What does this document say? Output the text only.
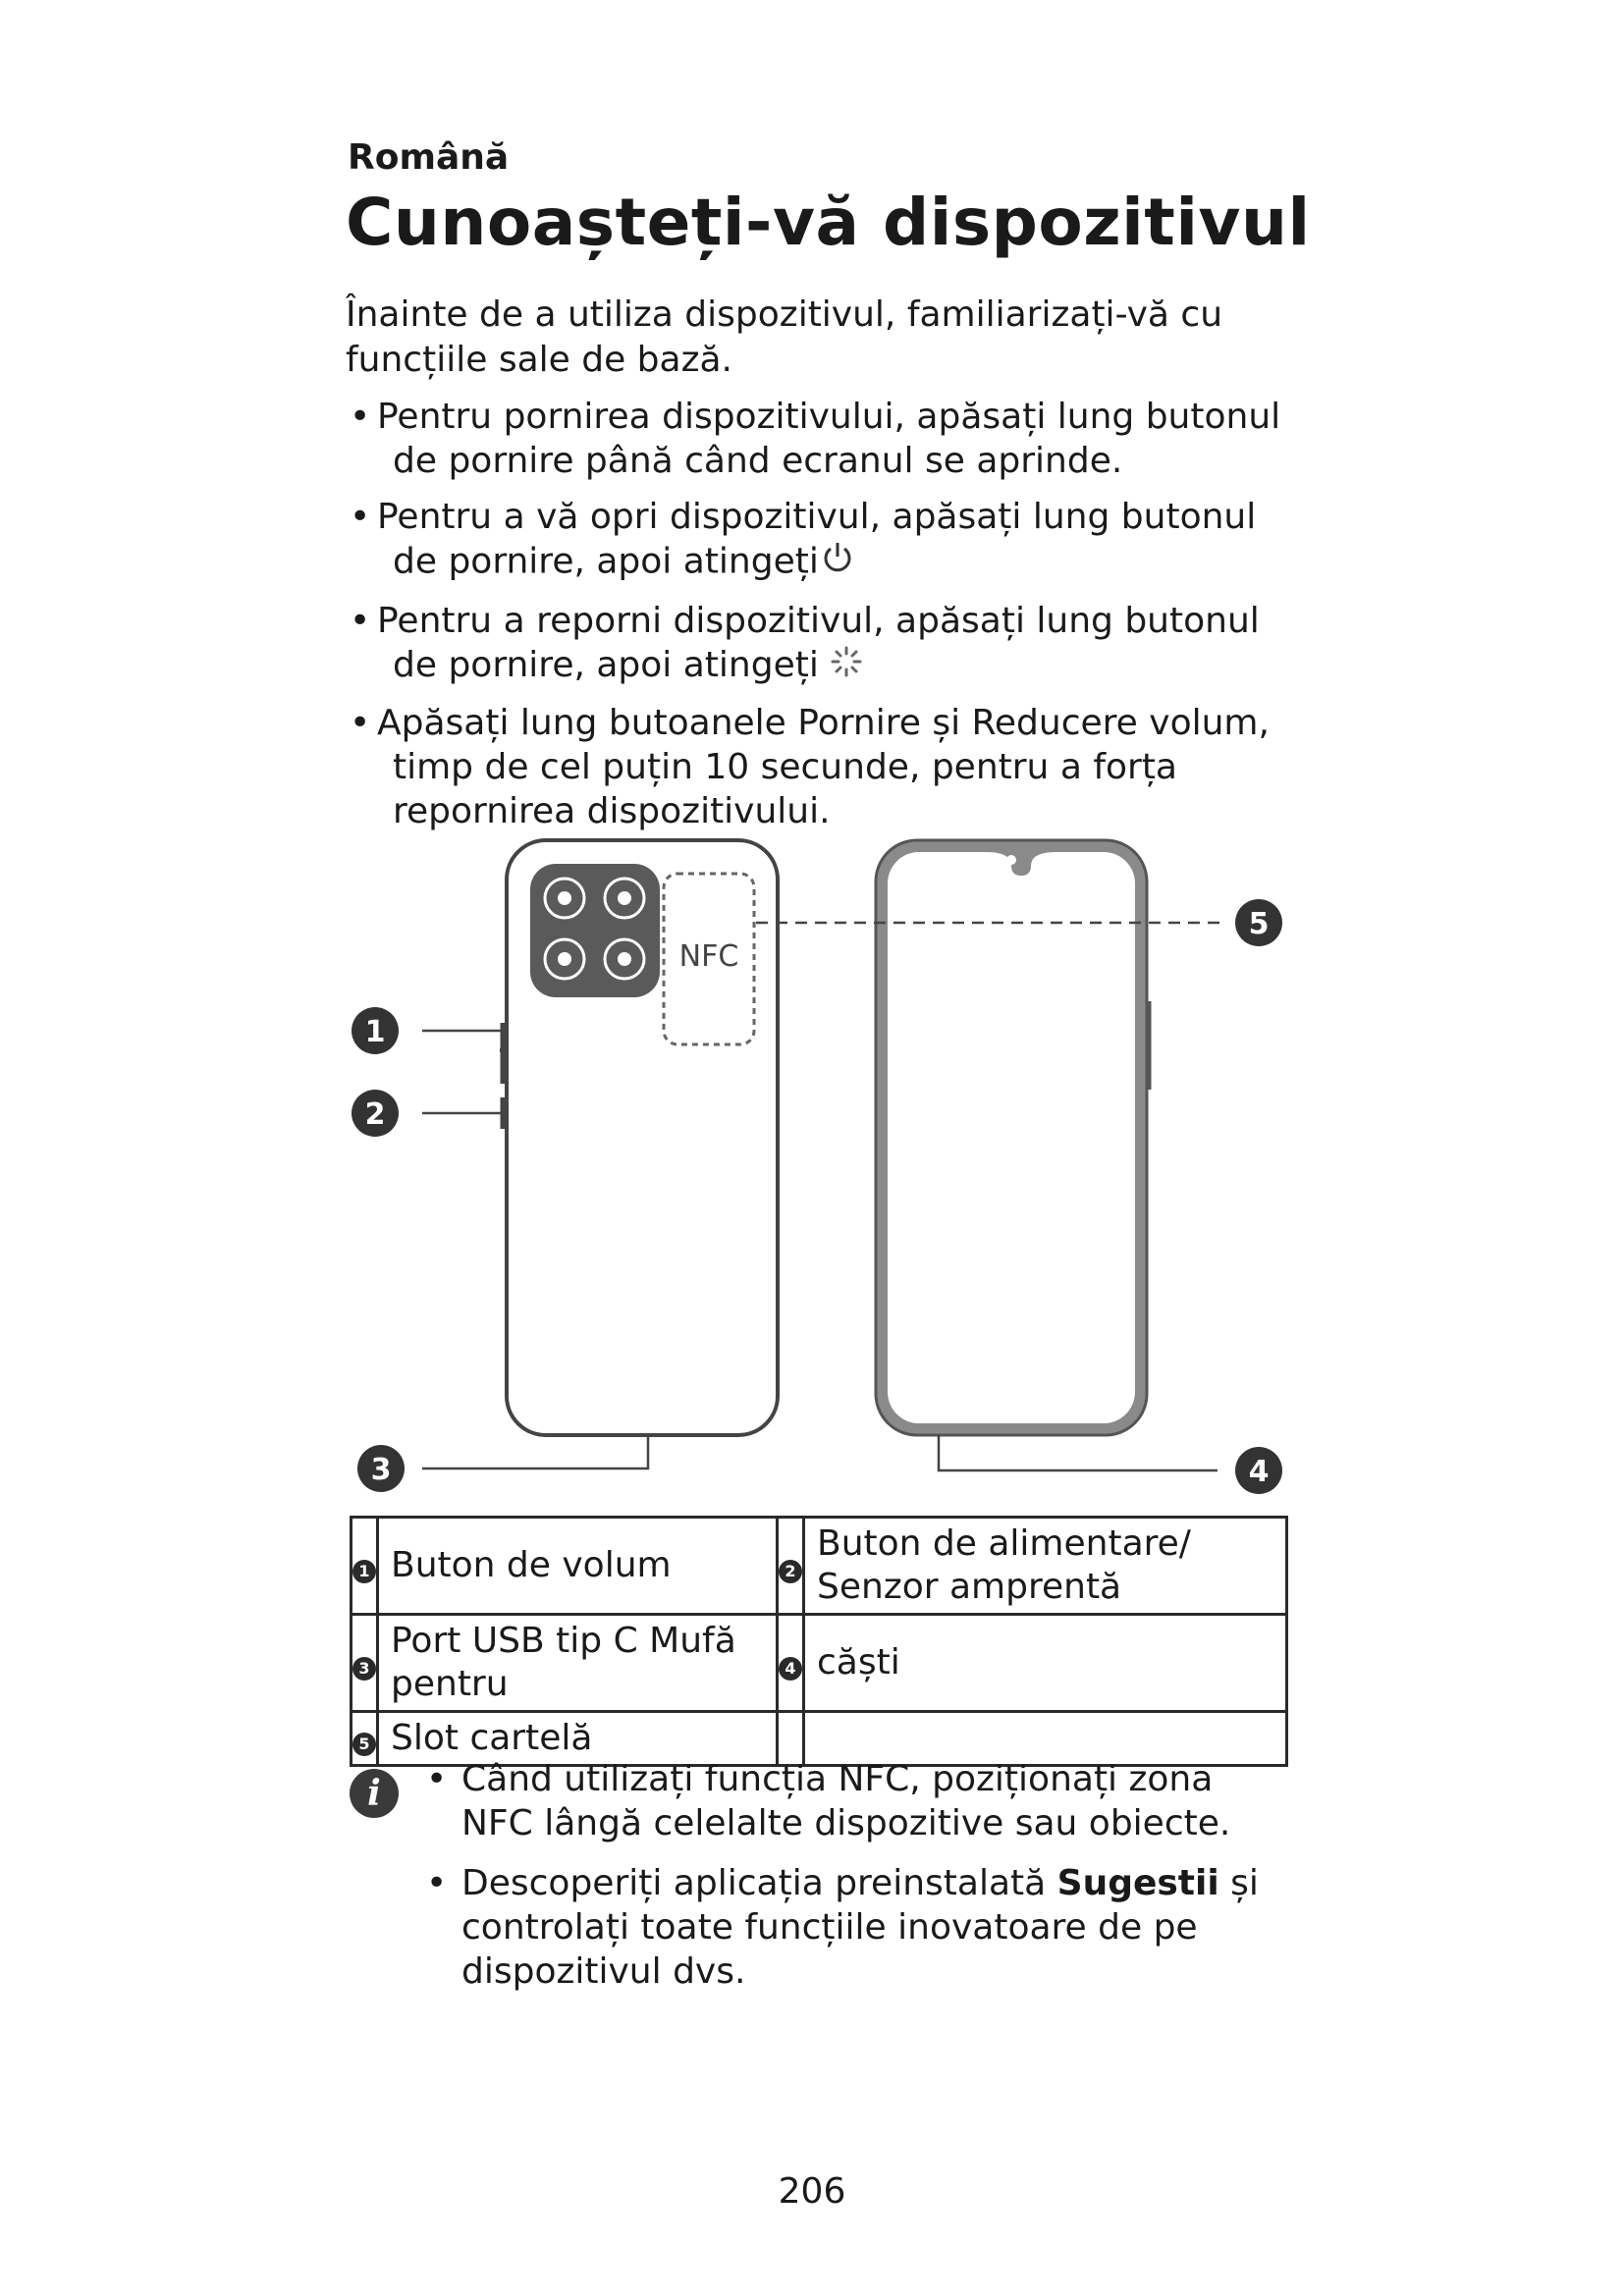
Română
Cunoașteți-vă dispozitivul
Înainte de a utiliza dispozitivul, familiarizați-vă cu funcțiile sale de bază.
• Pentru pornirea dispozitivului, apăsați lung butonul de pornire până când ecranul se aprinde.
• Pentru a vă opri dispozitivul, apăsați lung butonul de pornire, apoi atingeți
• Pentru a reporni dispozitivul, apăsați lung butonul de pornire, apoi atingeți
• Apăsați lung butoanele Pornire și Reducere volum, timp de cel puțin 10 secunde, pentru a forța repornirea dispozitivului.
NFC
1
2
3	4
5
1	Buton de volum	2	Buton de alimentare/ Senzor amprentă
3	Port USB tip C Mufă pentru	4	căști
5	Slot cartelă		
i	• Când utilizați funcția NFC, poziționați zona NFC lângă celelalte dispozitive sau obiecte.
• Descoperiți aplicația preinstalată Sugestii și controlați toate funcțiile inovatoare de pe dispozitivul dvs.
206
